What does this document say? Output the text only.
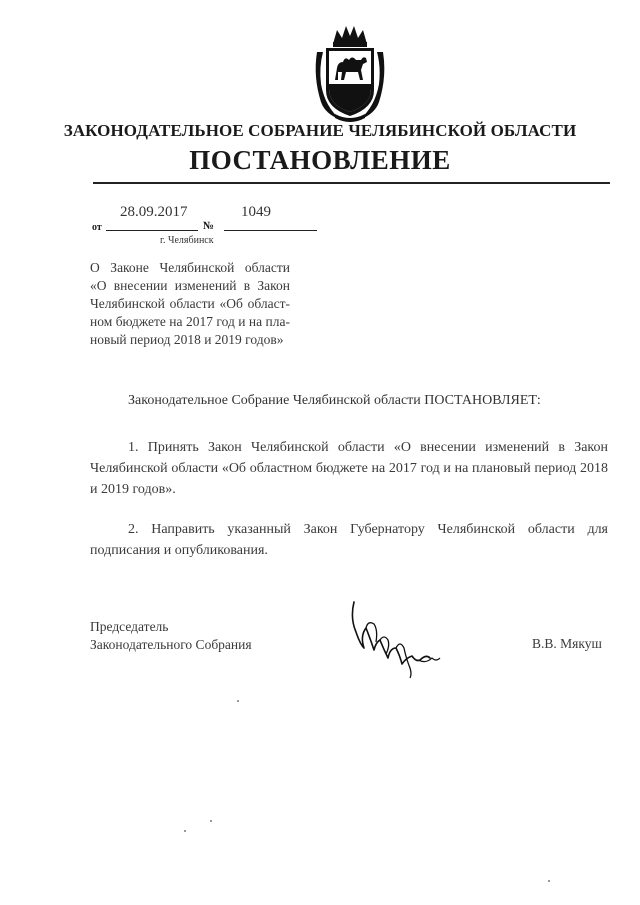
ЗАКОНОДАТЕЛЬНОЕ СОБРАНИЕ ЧЕЛЯБИНСКОЙ ОБЛАСТИ
ПОСТАНОВЛЕНИЕ
28.09.2017	1049
от	№
г. Челябинск
О Законе Челябинской области
«О внесении изменений в Закон
Челябинской области «Об област-
ном бюджете на 2017 год и на пла-
новый период 2018 и 2019 годов»
Законодательное Собрание Челябинской области ПОСТАНОВЛЯЕТ:
1. Принять Закон Челябинской области «О внесении изменений в Закон Челябинской области «Об областном бюджете на 2017 год и на плановый период 2018 и 2019 годов».
2. Направить указанный Закон Губернатору Челябинской области для подписания и опубликования.
Председатель
Законодательного Собрания	В.В. Мякуш
